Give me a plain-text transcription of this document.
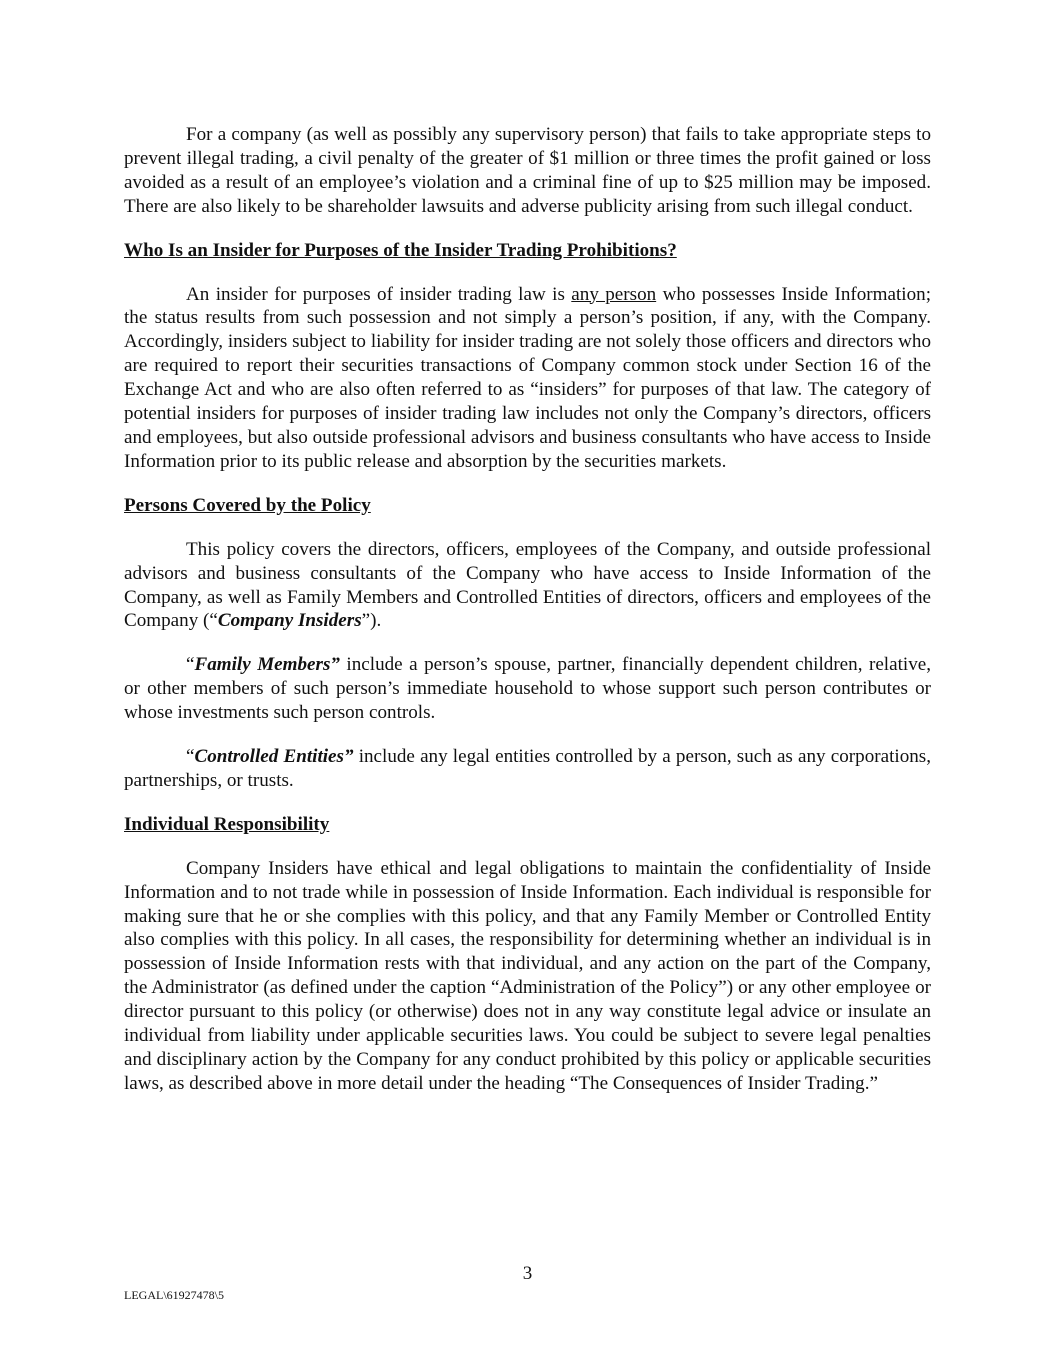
For a company (as well as possibly any supervisory person) that fails to take appropriate steps to prevent illegal trading, a civil penalty of the greater of $1 million or three times the profit gained or loss avoided as a result of an employee’s violation and a criminal fine of up to $25 million may be imposed. There are also likely to be shareholder lawsuits and adverse publicity arising from such illegal conduct.

Who Is an Insider for Purposes of the Insider Trading Prohibitions?

An insider for purposes of insider trading law is any person who possesses Inside Information; the status results from such possession and not simply a person’s position, if any, with the Company. Accordingly, insiders subject to liability for insider trading are not solely those officers and directors who are required to report their securities transactions of Company common stock under Section 16 of the Exchange Act and who are also often referred to as “insiders” for purposes of that law. The category of potential insiders for purposes of insider trading law includes not only the Company’s directors, officers and employees, but also outside professional advisors and business consultants who have access to Inside Information prior to its public release and absorption by the securities markets.

Persons Covered by the Policy

This policy covers the directors, officers, employees of the Company, and outside professional advisors and business consultants of the Company who have access to Inside Information of the Company, as well as Family Members and Controlled Entities of directors, officers and employees of the Company (“Company Insiders”).

“Family Members” include a person’s spouse, partner, financially dependent children, relative, or other members of such person’s immediate household to whose support such person contributes or whose investments such person controls.

“Controlled Entities” include any legal entities controlled by a person, such as any corporations, partnerships, or trusts.

Individual Responsibility

Company Insiders have ethical and legal obligations to maintain the confidentiality of Inside Information and to not trade while in possession of Inside Information. Each individual is responsible for making sure that he or she complies with this policy, and that any Family Member or Controlled Entity also complies with this policy. In all cases, the responsibility for determining whether an individual is in possession of Inside Information rests with that individual, and any action on the part of the Company, the Administrator (as defined under the caption “Administration of the Policy”) or any other employee or director pursuant to this policy (or otherwise) does not in any way constitute legal advice or insulate an individual from liability under applicable securities laws. You could be subject to severe legal penalties and disciplinary action by the Company for any conduct prohibited by this policy or applicable securities laws, as described above in more detail under the heading “The Consequences of Insider Trading.”

3
LEGAL\61927478\5
